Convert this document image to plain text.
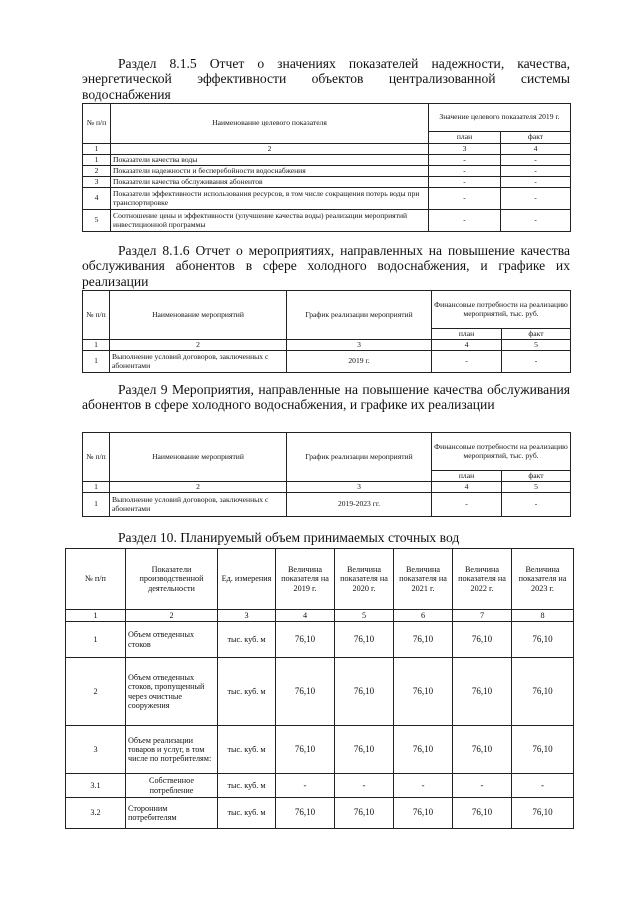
Раздел 8.1.5 Отчет о значениях показателей надежности, качества, энергетической эффективности объектов централизованной системы водоснабжения
№ п/п	Наименование целевого показателя	Значение целевого показателя 2019 г.	
		план	факт
1	2	3	4
1	Показатели качества воды	-	-
2	Показатели надежности и бесперебойности водоснабжения	-	-
3	Показатели качества обслуживания абонентов	-	-
4	Показатели эффективности использования ресурсов, в том числе сокращения потерь воды при транспортировке	-	-
5	Соотношение цены и эффективности (улучшение качества воды) реализации мероприятий инвестиционной программы	-	-
Раздел 8.1.6 Отчет о мероприятиях, направленных на повышение качества обслуживания абонентов в сфере холодного водоснабжения, и графике их реализации
№ п/п	Наименование мероприятий	График реализации мероприятий	Финансовые потребности на реализацию мероприятий, тыс. руб.	
			план	факт
1	2	3	4	5
1	Выполнение условий договоров, заключенных с абонентами	2019 г.	-	-
Раздел 9 Мероприятия, направленные на повышение качества обслуживания абонентов в сфере холодного водоснабжения, и графике их реализации
№ п/п	Наименование мероприятий	График реализации мероприятий	Финансовые потребности на реализацию мероприятий, тыс. руб.	
			план	факт
1	2	3	4	5
1	Выполнение условий договоров, заключенных с абонентами	2019-2023 гг.	-	-
Раздел 10. Планируемый объем принимаемых сточных вод
№ п/п	Показатели производственной деятельности	Ед. измерения	Величина показателя на 2019 г.	Величина показателя на 2020 г.	Величина показателя на 2021 г.	Величина показателя на 2022 г.	Величина показателя на 2023 г.
1	2	3	4	5	6	7	8
1	Объем отведенных стоков	тыс. куб. м	76,10	76,10	76,10	76,10	76,10
2	Объем отведенных стоков, пропущенный через очистные сооружения	тыс. куб. м	76,10	76,10	76,10	76,10	76,10
3	Объем реализации товаров и услуг, в том числе по потребителям:	тыс. куб. м	76,10	76,10	76,10	76,10	76,10
3.1	Собственное потребление	тыс. куб. м	-	-	-	-	-
3.2	Сторонним потребителям	тыс. куб. м	76,10	76,10	76,10	76,10	76,10
